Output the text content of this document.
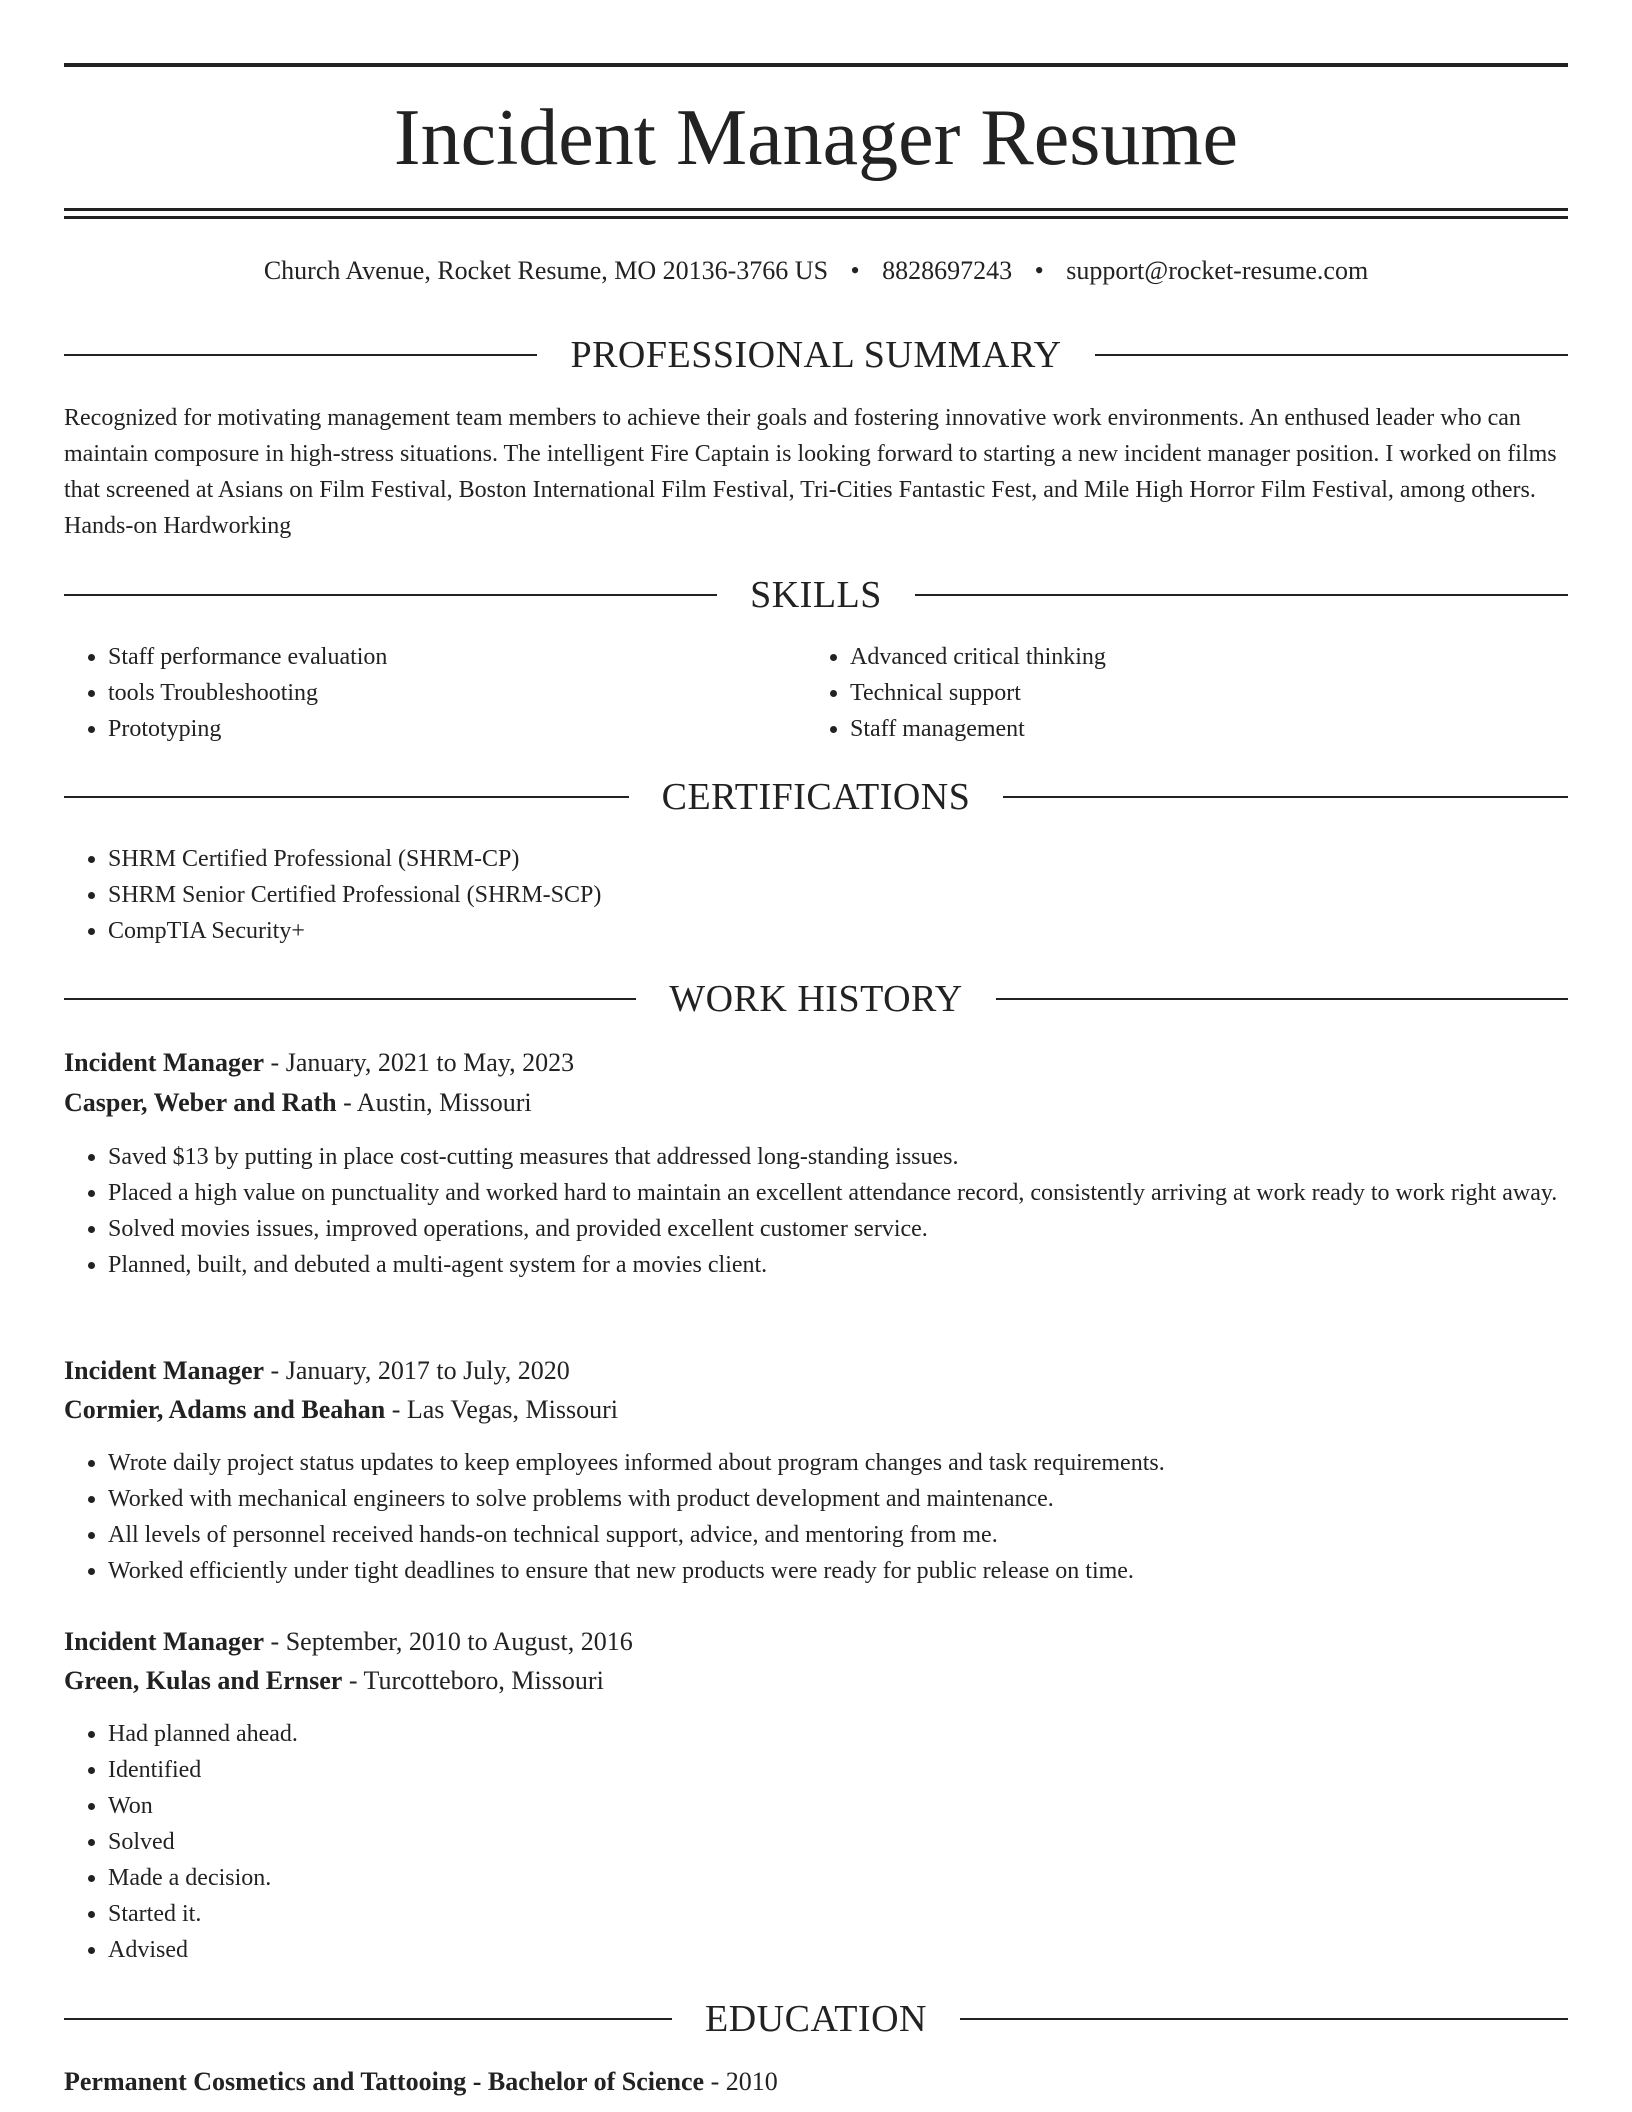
Incident Manager Resume
Church Avenue, Rocket Resume, MO 20136-3766 US • 8828697243 • support@rocket-resume.com
PROFESSIONAL SUMMARY

Recognized for motivating management team members to achieve their goals and fostering innovative work environments. An enthused leader who can maintain composure in high-stress situations. The intelligent Fire Captain is looking forward to starting a new incident manager position. I worked on films that screened at Asians on Film Festival, Boston International Film Festival, Tri-Cities Fantastic Fest, and Mile High Horror Film Festival, among others. Hands-on Hardworking

SKILLS
• Staff performance evaluation
• tools Troubleshooting
• Prototyping
• Advanced critical thinking
• Technical support
• Staff management
CERTIFICATIONS
• SHRM Certified Professional (SHRM-CP)
• SHRM Senior Certified Professional (SHRM-SCP)
• CompTIA Security+
WORK HISTORY
Incident Manager - January, 2021 to May, 2023
Casper, Weber and Rath - Austin, Missouri
• Saved $13 by putting in place cost-cutting measures that addressed long-standing issues.
• Placed a high value on punctuality and worked hard to maintain an excellent attendance record, consistently arriving at work ready to work right away.
• Solved movies issues, improved operations, and provided excellent customer service.
• Planned, built, and debuted a multi-agent system for a movies client.
Incident Manager - January, 2017 to July, 2020
Cormier, Adams and Beahan - Las Vegas, Missouri
• Wrote daily project status updates to keep employees informed about program changes and task requirements.
• Worked with mechanical engineers to solve problems with product development and maintenance.
• All levels of personnel received hands-on technical support, advice, and mentoring from me.
• Worked efficiently under tight deadlines to ensure that new products were ready for public release on time.
Incident Manager - September, 2010 to August, 2016
Green, Kulas and Ernser - Turcotteboro, Missouri
• Had planned ahead.
• Identified
• Won
• Solved
• Made a decision.
• Started it.
• Advised
EDUCATION
Permanent Cosmetics and Tattooing - Bachelor of Science - 2010
